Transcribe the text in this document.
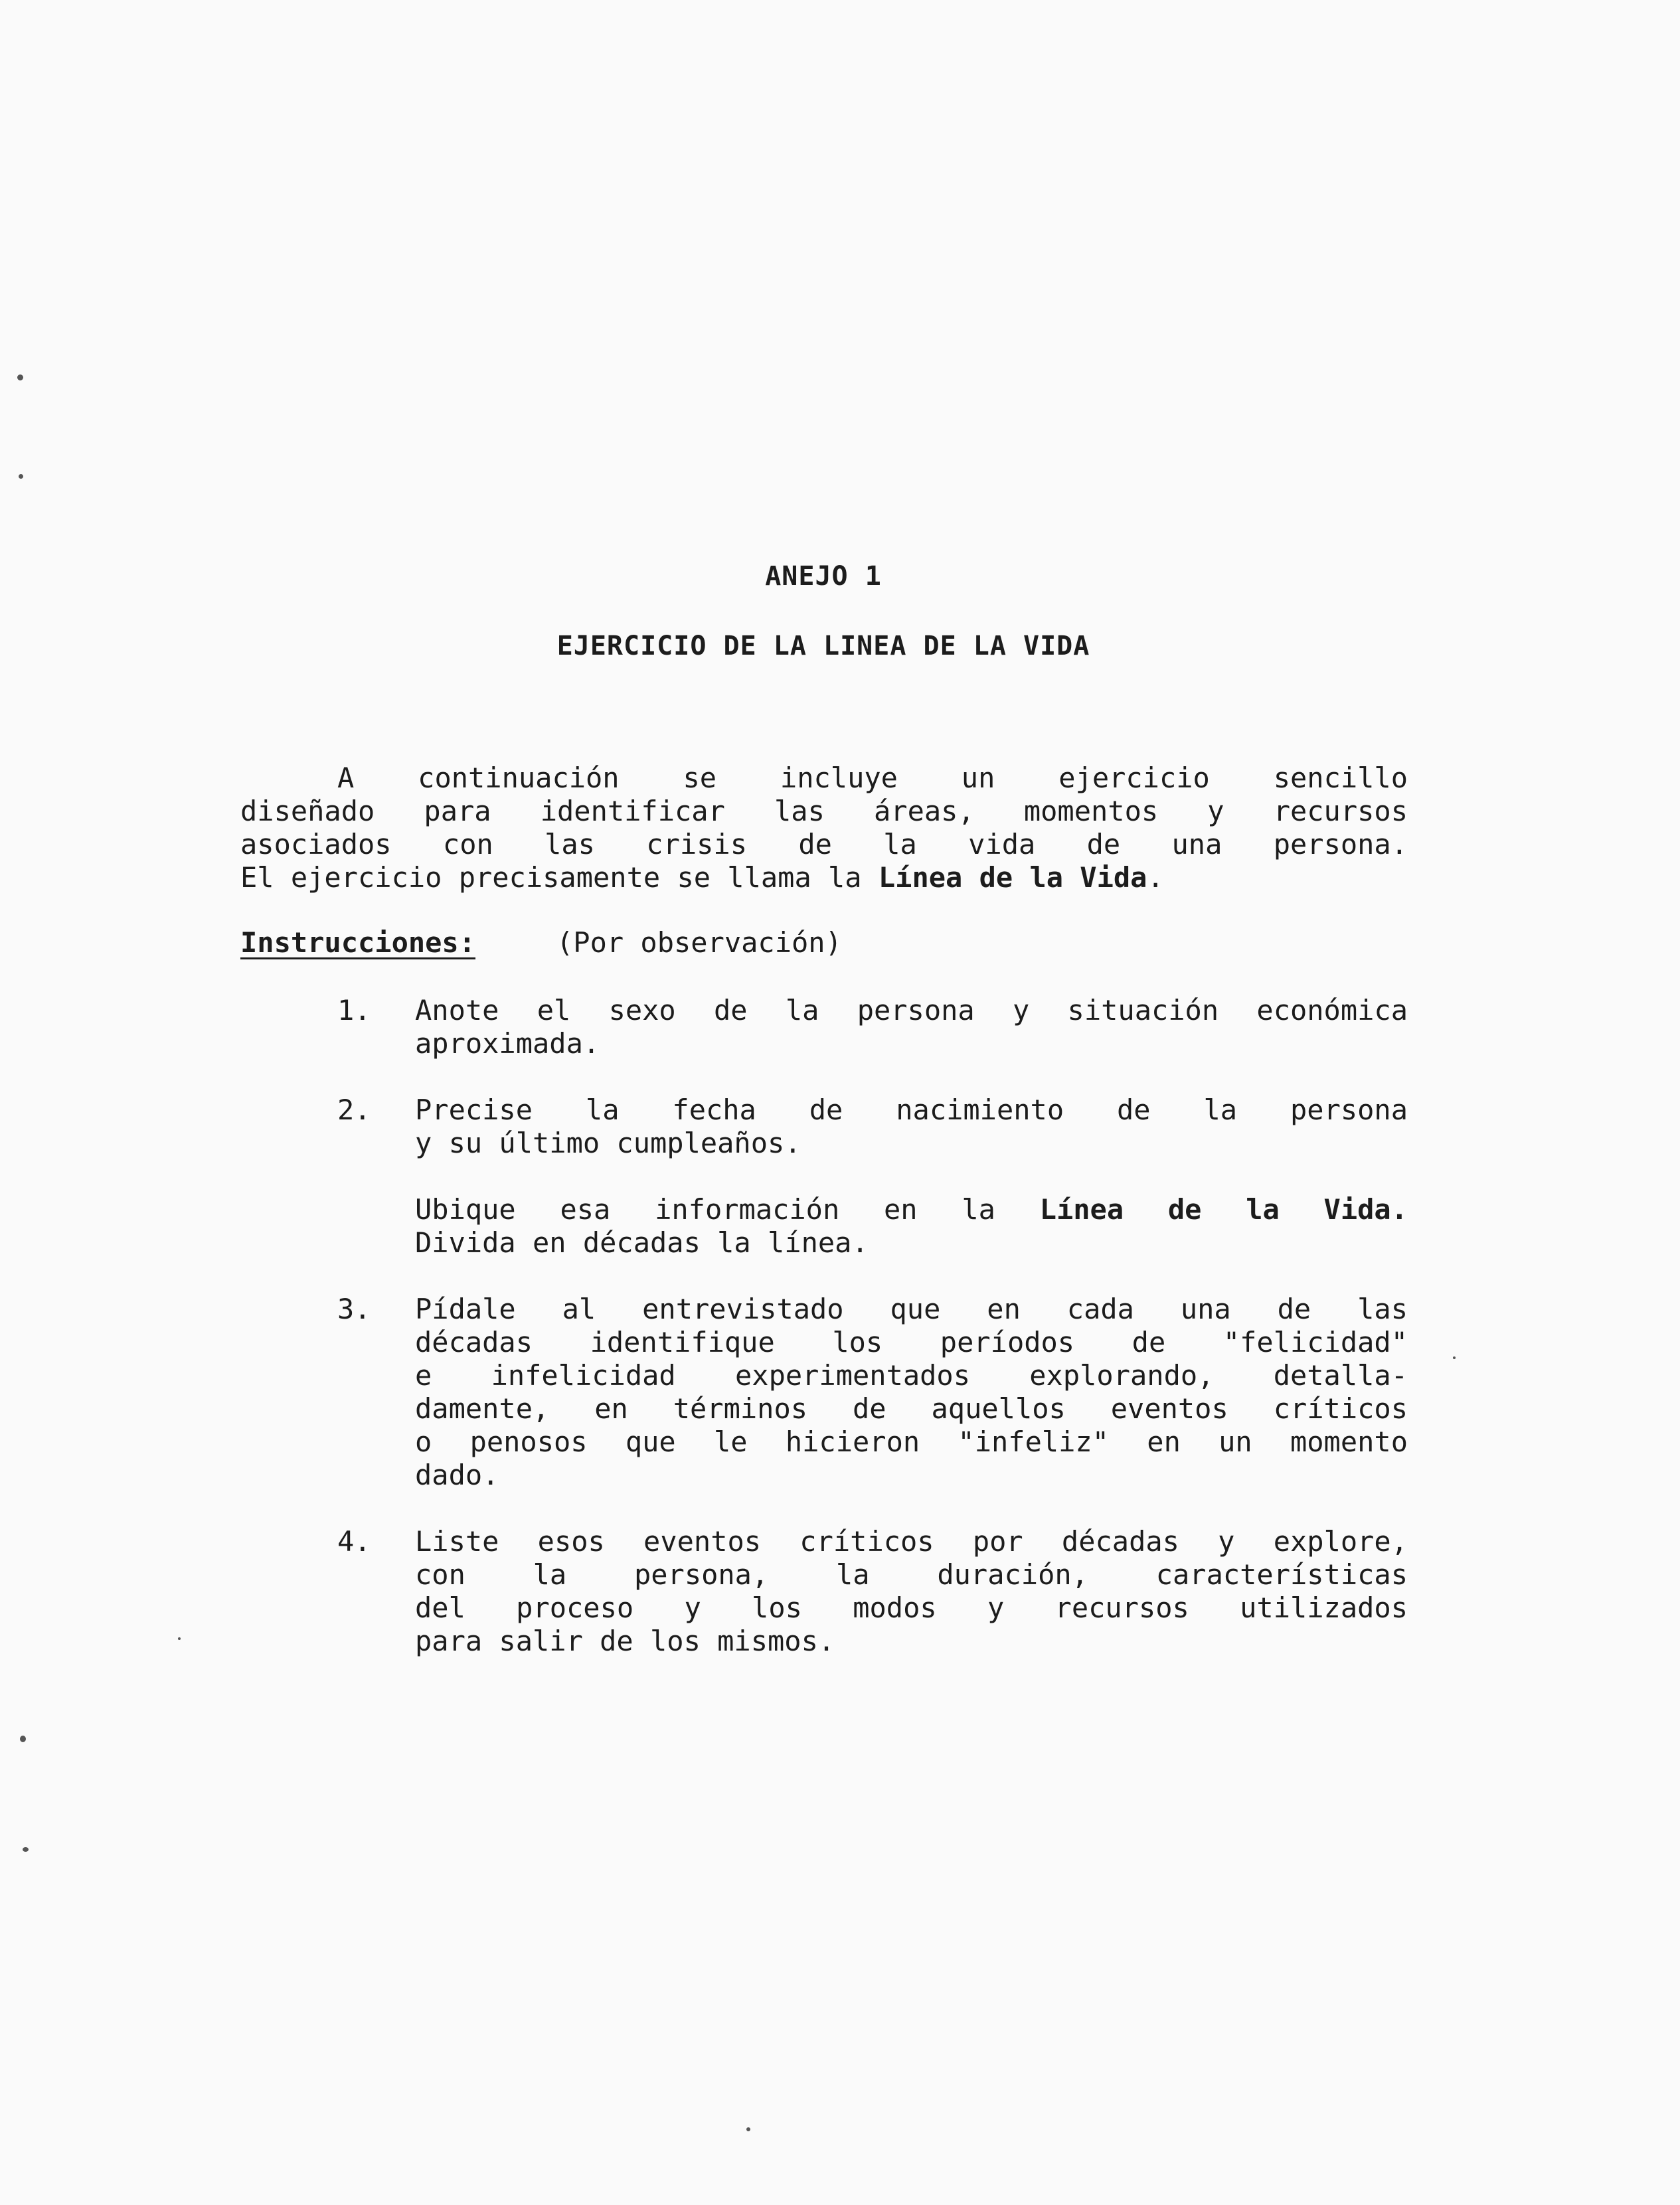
ANEJO 1
EJERCICIO DE LA LINEA DE LA VIDA
A continuación se incluye un ejercicio sencillo
diseñado para identificar las áreas, momentos y recursos
asociados con las crisis de la vida de una persona.
El ejercicio precisamente se llama la Línea de la Vida.
Instrucciones:	(Por observación)
1. Anote el sexo de la persona y situación económica
aproximada.
2. Precise la fecha de nacimiento de la persona
y su último cumpleaños.
Ubique esa información en la Línea de la Vida.
Divida en décadas la línea.
3. Pídale al entrevistado que en cada una de las
décadas identifique los períodos de "felicidad"
e infelicidad experimentados explorando, detalla-
damente, en términos de aquellos eventos críticos
o penosos que le hicieron "infeliz" en un momento
dado.
4. Liste esos eventos críticos por décadas y explore,
con la persona, la duración, características
del proceso y los modos y recursos utilizados
para salir de los mismos.
